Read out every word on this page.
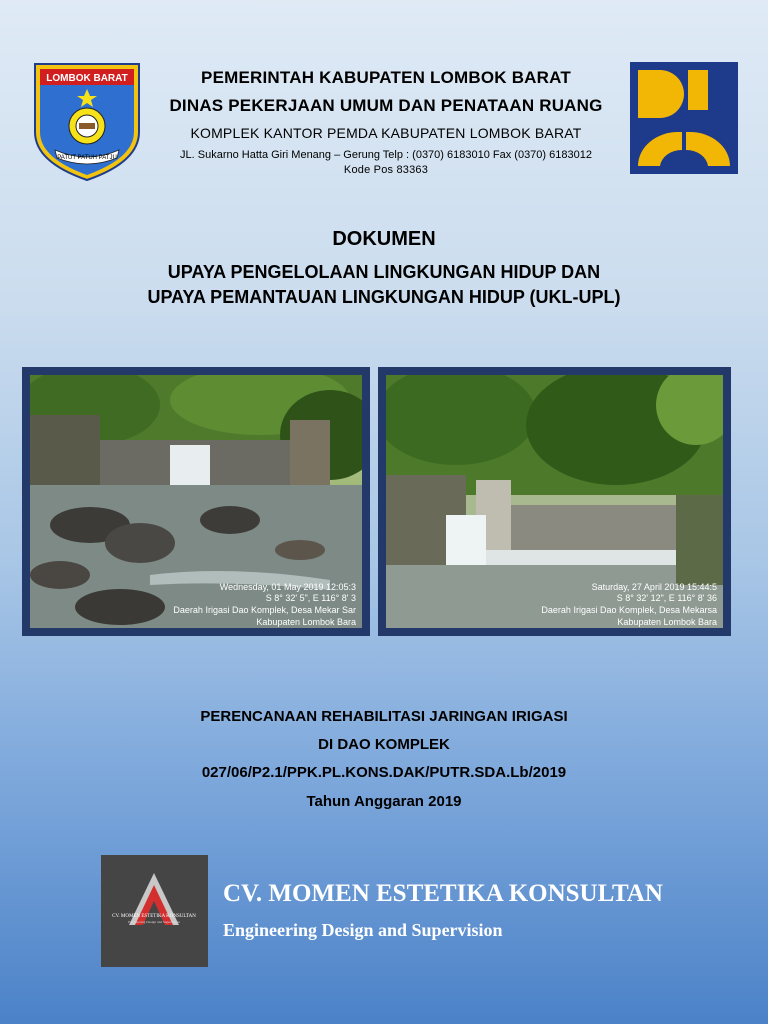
LOMBOK BARAT
PATUT PATUH PATJU
PEMERINTAH KABUPATEN LOMBOK BARAT
DINAS PEKERJAAN UMUM DAN PENATAAN RUANG
KOMPLEK KANTOR PEMDA KABUPATEN LOMBOK BARAT
JL. Sukarno Hatta Giri Menang – Gerung Telp : (0370) 6183010 Fax (0370) 6183012
Kode Pos 83363
DOKUMEN
UPAYA PENGELOLAAN LINGKUNGAN HIDUP DAN
UPAYA PEMANTAUAN LINGKUNGAN HIDUP (UKL-UPL)
Wednesday, 01 May 2019 12:05:3
S 8° 32' 5", E 116° 8' 3
Daerah Irigasi Dao Komplek, Desa Mekar Sar
Kabupaten Lombok Bara
Saturday, 27 April 2019 15:44:5
S 8° 32' 12", E 116° 8' 36
Daerah Irigasi Dao Komplek, Desa Mekarsa
Kabupaten Lombok Bara
PERENCANAAN REHABILITASI JARINGAN IRIGASI
DI DAO KOMPLEK
027/06/P2.1/PPK.PL.KONS.DAK/PUTR.SDA.Lb/2019
Tahun Anggaran 2019
CV. MOMEN ESTETIKA KONSULTAN
Engineering Design and Supervision
CV. MOMEN ESTETIKA KONSULTAN
Engineering Design and Supervision
